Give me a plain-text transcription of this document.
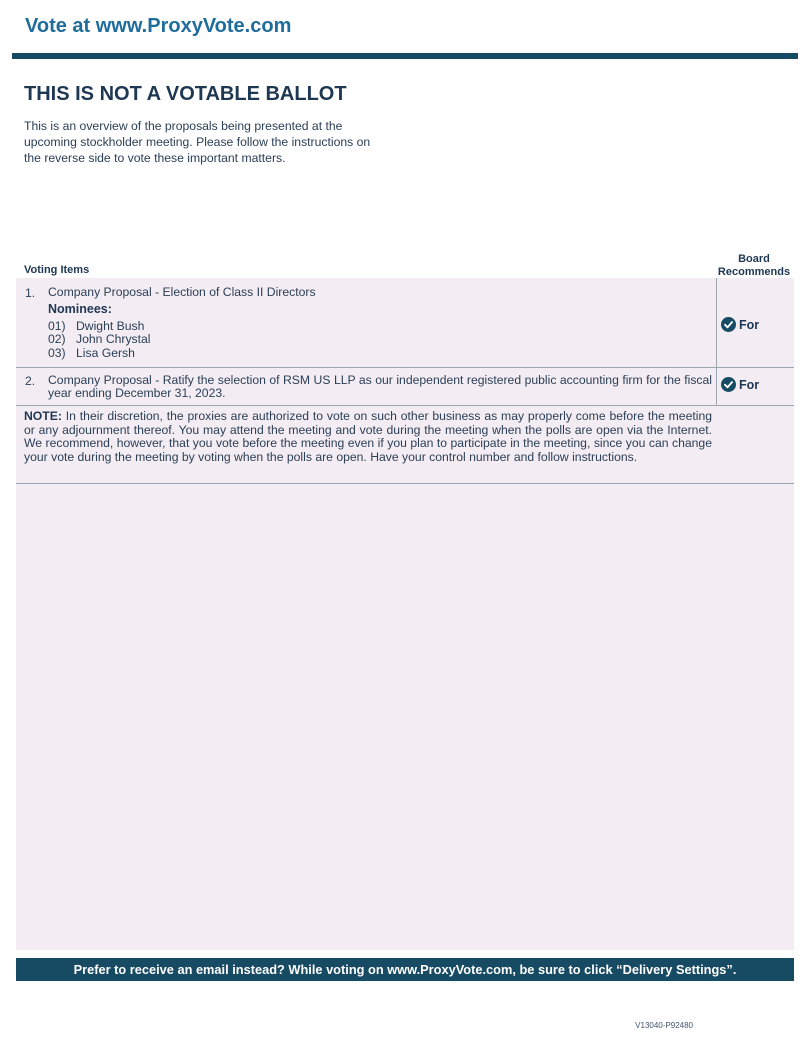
Vote at www.ProxyVote.com
THIS IS NOT A VOTABLE BALLOT
This is an overview of the proposals being presented at the
upcoming stockholder meeting. Please follow the instructions on
the reverse side to vote these important matters.
Voting Items
Board
Recommends
1. Company Proposal - Election of Class II Directors
Nominees:
01) Dwight Bush
02) John Chrystal
03) Lisa Gersh
For
2. Company Proposal - Ratify the selection of RSM US LLP as our independent registered public accounting firm for the fiscal year ending December 31, 2023.
For
NOTE: In their discretion, the proxies are authorized to vote on such other business as may properly come before the meeting or any adjournment thereof. You may attend the meeting and vote during the meeting when the polls are open via the Internet. We recommend, however, that you vote before the meeting even if you plan to participate in the meeting, since you can change your vote during the meeting by voting when the polls are open. Have your control number and follow instructions.
Prefer to receive an email instead? While voting on www.ProxyVote.com, be sure to click “Delivery Settings”.
V13040-P92480
